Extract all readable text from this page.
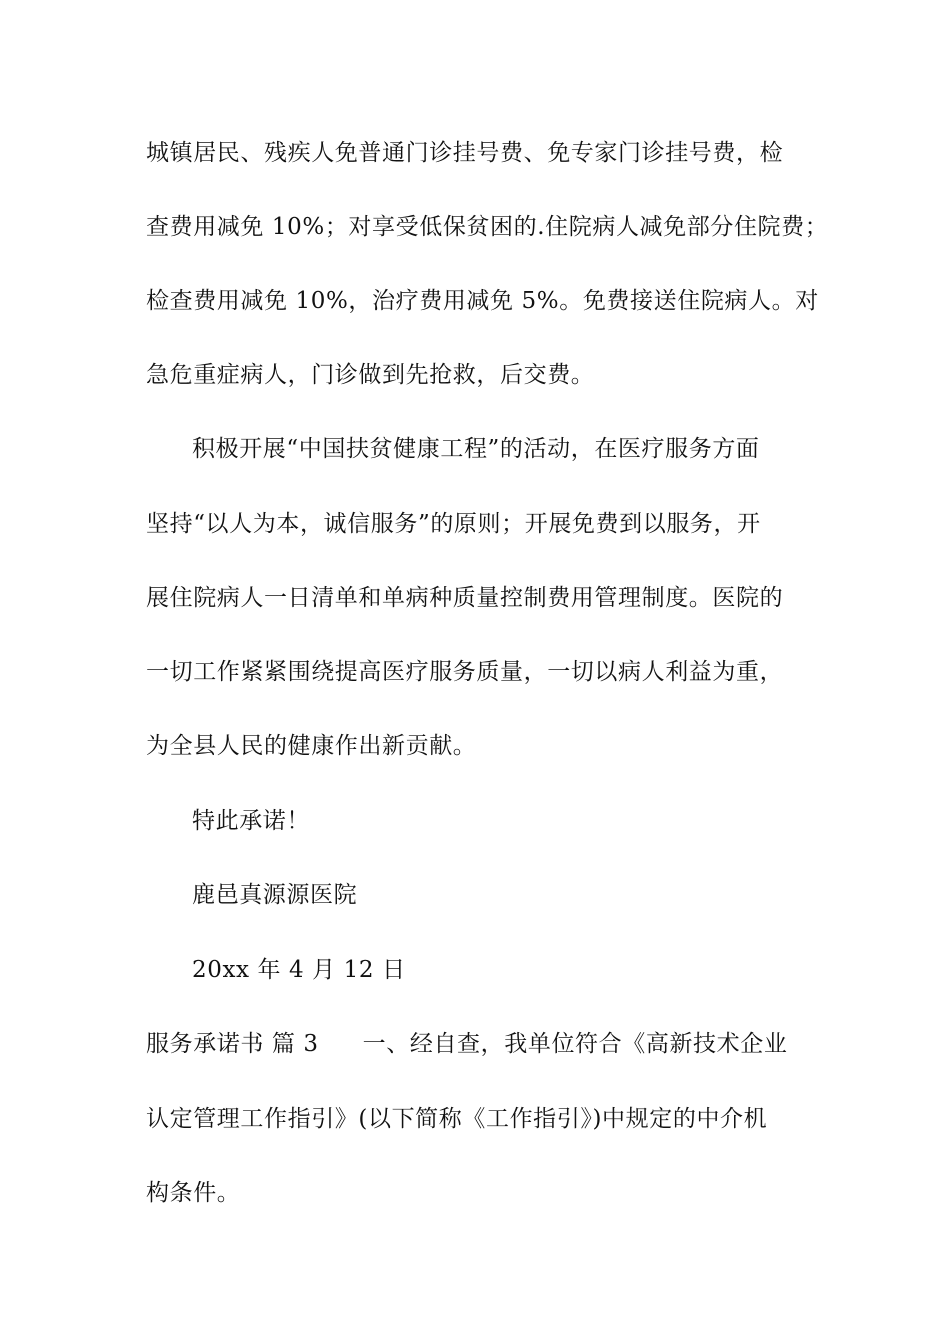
城镇居民、残疾人免普通门诊挂号费、免专家门诊挂号费，检
查费用减免 10%；对享受低保贫困的.住院病人减免部分住院费；
检查费用减免 10%，治疗费用减免 5%。免费接送住院病人。对
急危重症病人，门诊做到先抢救，后交费。
积极开展“中国扶贫健康工程”的活动，在医疗服务方面
坚持“以人为本，诚信服务”的原则；开展免费到以服务，开
展住院病人一日清单和单病种质量控制费用管理制度。医院的
一切工作紧紧围绕提高医疗服务质量，一切以病人利益为重，
为全县人民的健康作出新贡献。
特此承诺！
鹿邑真源源医院
20xx 年 4 月 12 日
服务承诺书 篇 3 一、经自查，我单位符合《高新技术企业
认定管理工作指引》(以下简称《工作指引》)中规定的中介机
构条件。
